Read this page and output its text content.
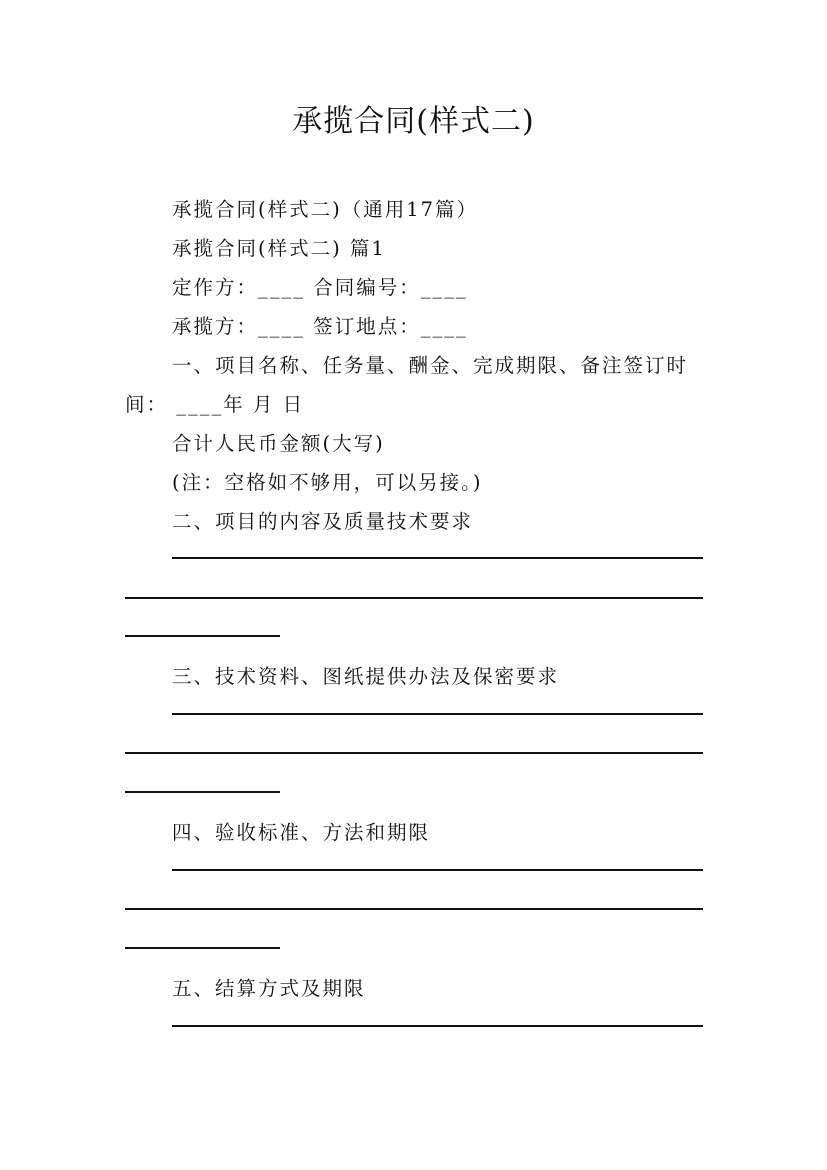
承揽合同(样式二)
承揽合同(样式二)（通用17篇）
承揽合同(样式二) 篇1
定作方：____ 合同编号：____
承揽方：____ 签订地点：____
一、项目名称、任务量、酬金、完成期限、备注签订时
间： ____年 月 日
合计人民币金额(大写)
(注：空格如不够用，可以另接。)
二、项目的内容及质量技术要求
三、技术资料、图纸提供办法及保密要求
四、验收标准、方法和期限
五、结算方式及期限
